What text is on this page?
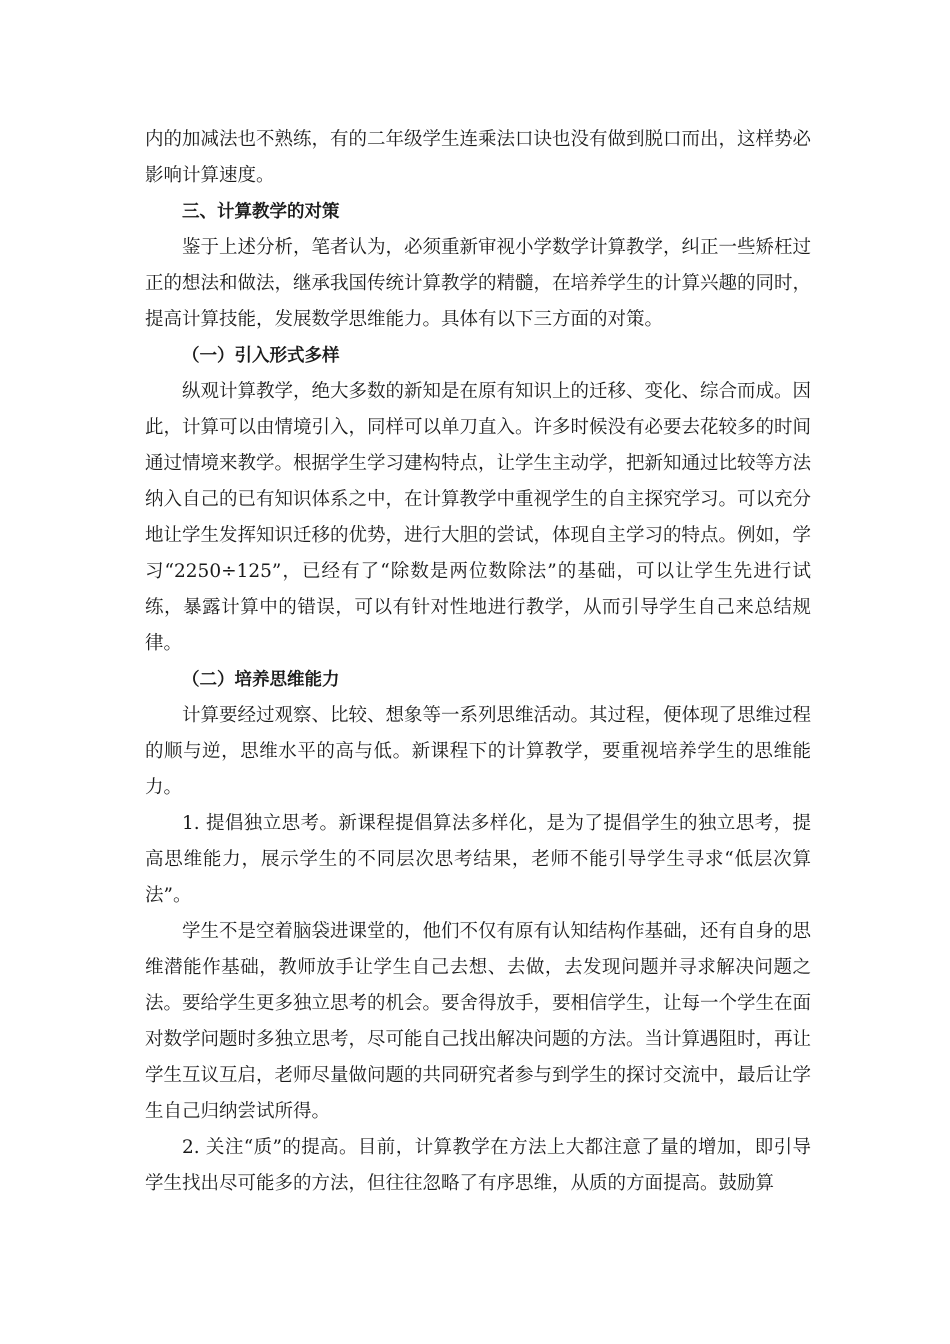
内的加减法也不熟练，有的二年级学生连乘法口诀也没有做到脱口而出，这样势必影响计算速度。

三、计算教学的对策

鉴于上述分析，笔者认为，必须重新审视小学数学计算教学，纠正一些矫枉过正的想法和做法，继承我国传统计算教学的精髓，在培养学生的计算兴趣的同时，提高计算技能，发展数学思维能力。具体有以下三方面的对策。

（一）引入形式多样

纵观计算教学，绝大多数的新知是在原有知识上的迁移、变化、综合而成。因此，计算可以由情境引入，同样可以单刀直入。许多时候没有必要去花较多的时间通过情境来教学。根据学生学习建构特点，让学生主动学，把新知通过比较等方法纳入自己的已有知识体系之中，在计算教学中重视学生的自主探究学习。可以充分地让学生发挥知识迁移的优势，进行大胆的尝试，体现自主学习的特点。例如，学习“2250÷125”，已经有了“除数是两位数除法”的基础，可以让学生先进行试练，暴露计算中的错误，可以有针对性地进行教学，从而引导学生自己来总结规律。

（二）培养思维能力

计算要经过观察、比较、想象等一系列思维活动。其过程，便体现了思维过程的顺与逆，思维水平的高与低。新课程下的计算教学，要重视培养学生的思维能力。

1. 提倡独立思考。新课程提倡算法多样化，是为了提倡学生的独立思考，提高思维能力，展示学生的不同层次思考结果，老师不能引导学生寻求“低层次算法”。

学生不是空着脑袋进课堂的，他们不仅有原有认知结构作基础，还有自身的思维潜能作基础，教师放手让学生自己去想、去做，去发现问题并寻求解决问题之法。要给学生更多独立思考的机会。要舍得放手，要相信学生，让每一个学生在面对数学问题时多独立思考，尽可能自己找出解决问题的方法。当计算遇阻时，再让学生互议互启，老师尽量做问题的共同研究者参与到学生的探讨交流中，最后让学生自己归纳尝试所得。

2. 关注“质”的提高。目前，计算教学在方法上大都注意了量的增加，即引导学生找出尽可能多的方法，但往往忽略了有序思维，从质的方面提高。鼓励算
